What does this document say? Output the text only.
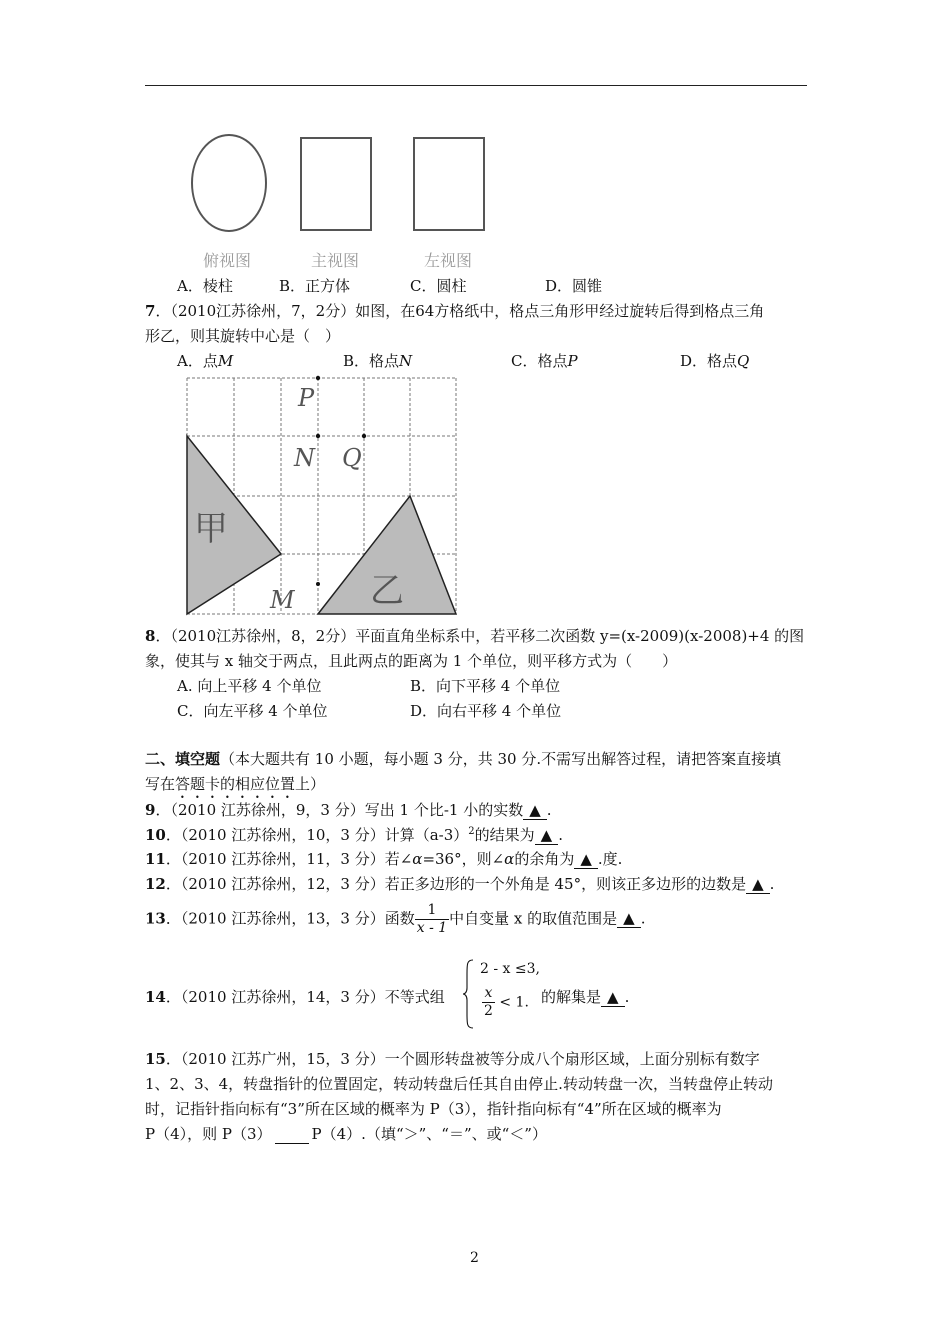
俯视图	主视图	左视图
A．棱柱	B．正方体	C．圆柱	D．圆锥
7．（2010江苏徐州，7，2分）如图，在64方格纸中，格点三角形甲经过旋转后得到格点三角
形乙，则其旋转中心是（　）
A．点M	B．格点N	C．格点P	D．格点Q
P
N Q
M
甲
乙
8．（2010江苏徐州，8，2分）平面直角坐标系中，若平移二次函数 y=(x-2009)(x-2008)+4 的图
象，使其与 x 轴交于两点，且此两点的距离为 1 个单位，则平移方式为（　　）
A. 向上平移 4 个单位	B．向下平移 4 个单位
C．向左平移 4 个单位	D．向右平移 4 个单位
二、填空题（本大题共有 10 小题，每小题 3 分，共 30 分.不需写出解答过程，请把答案直接填
写在答题卡的相应位置上）
9．（2010 江苏徐州，9，3 分）写出 1 个比-1 小的实数 ▲ .
10．（2010 江苏徐州，10，3 分）计算$(a-3)^2$的结果为 ▲ .
11．（2010 江苏徐州，11，3 分）若∠α=36°，则∠α的余角为 ▲ .度.
12．（2010 江苏徐州，12，3 分）若正多边形的一个外角是 45°，则该正多边形的边数是 ▲ .
13．（2010 江苏徐州，13，3 分）函数 $\frac{1}{x - 1}$ 中自变量 x 的取值范围是 ▲ .
14．（2010 江苏徐州，14，3 分）不等式组
2 - x ≤3,
$\frac{x}{2} < 1$. 的解集是 ▲ .
15．（2010 江苏广州，15，3 分）一个圆形转盘被等分成八个扇形区域，上面分别标有数字
1、2、3、4，转盘指针的位置固定，转动转盘后任其自由停止.转动转盘一次，当转盘停止转动
时，记指针指向标有“3”所在区域的概率为 P（3），指针指向标有“4”所在区域的概率为
P（4），则 P（3）	P（4）.（填“＞”、“＝”、或“＜”）
2
